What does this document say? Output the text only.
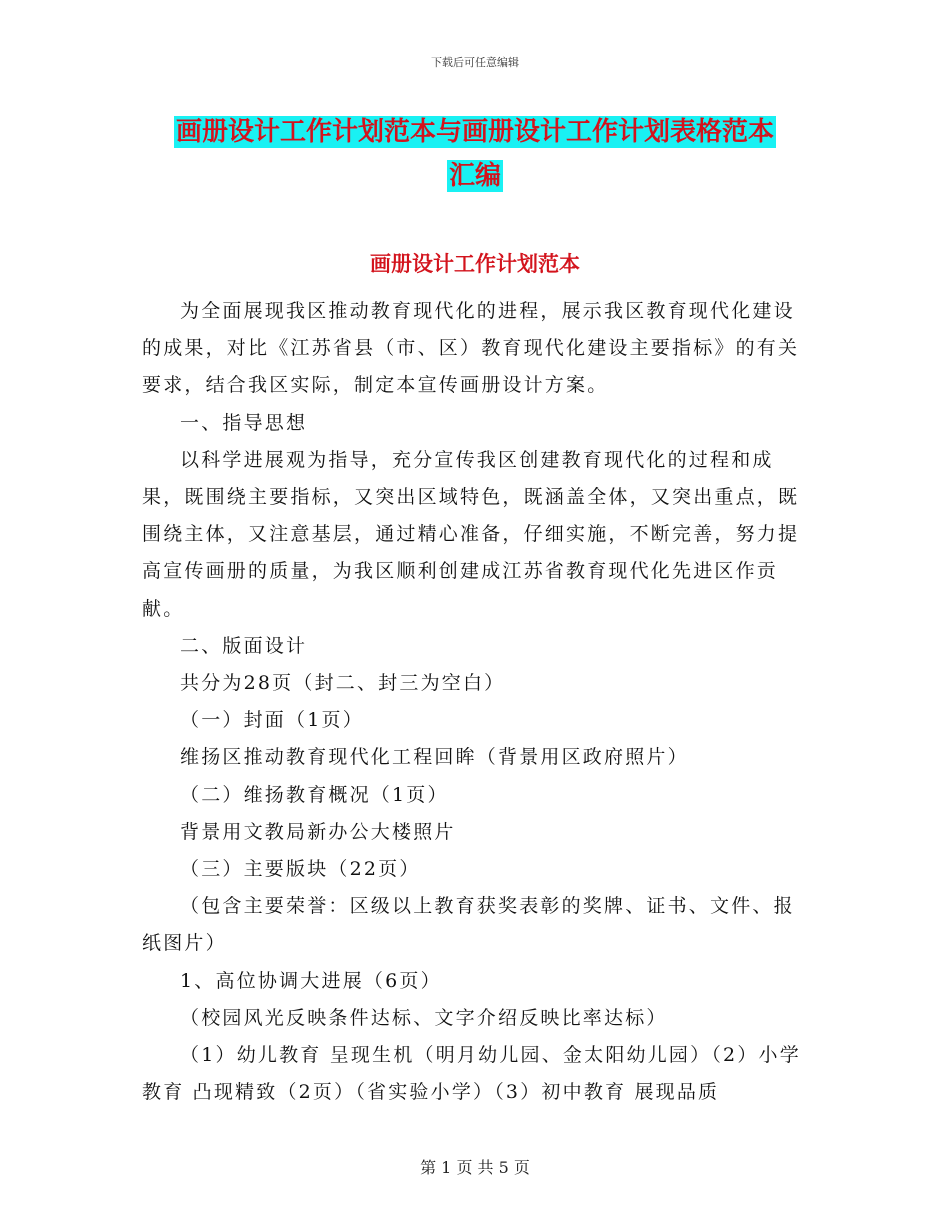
下载后可任意编辑
画册设计工作计划范本与画册设计工作计划表格范本
汇编
画册设计工作计划范本

为全面展现我区推动教育现代化的进程，展示我区教育现代化建设的成果，对比《江苏省县（市、区）教育现代化建设主要指标》的有关要求，结合我区实际，制定本宣传画册设计方案。

一、指导思想

以科学进展观为指导，充分宣传我区创建教育现代化的过程和成果，既围绕主要指标，又突出区域特色，既涵盖全体，又突出重点，既围绕主体，又注意基层，通过精心准备，仔细实施，不断完善，努力提高宣传画册的质量，为我区顺利创建成江苏省教育现代化先进区作贡献。

二、版面设计

共分为28页（封二、封三为空白）

（一）封面（1页）

维扬区推动教育现代化工程回眸（背景用区政府照片）

（二）维扬教育概况（1页）

背景用文教局新办公大楼照片

（三）主要版块（22页）

（包含主要荣誉：区级以上教育获奖表彰的奖牌、证书、文件、报纸图片）

1、高位协调大进展（6页）

（校园风光反映条件达标、文字介绍反映比率达标）

（1）幼儿教育 呈现生机（明月幼儿园、金太阳幼儿园）（2）小学教育 凸现精致（2页）（省实验小学）（3）初中教育 展现品质

第 1 页 共 5 页
